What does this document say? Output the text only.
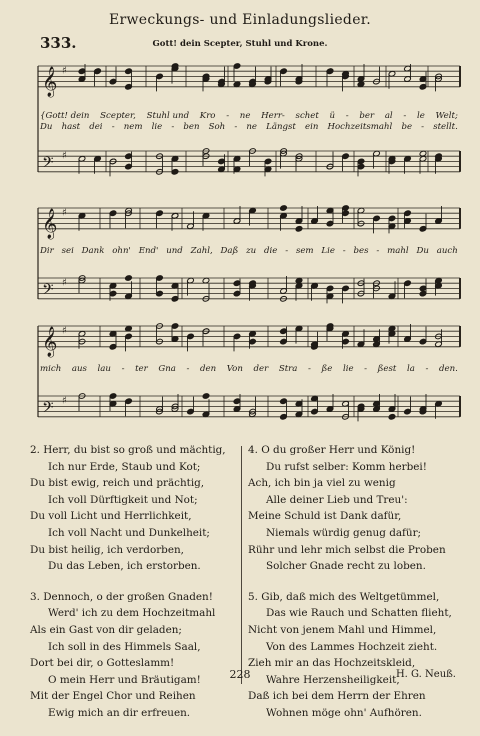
Erweckungs- und Einladungslieder.
333.	Gott! dein Scepter, Stuhl und Krone.
𝄞 ♯
𝄢 ♯
{Gott! dein Scepter, Stuhl und Kro - ne Herr- schet ü - ber al - le Welt;
Du hast dei - nem lie - ben Soh - ne Längst ein Hochzeitsmahl be - stellt.
𝄞 ♯
𝄢 ♯
Dir sei Dank ohn' End' und Zahl, Daß zu die - sem Lie - bes - mahl Du auch
𝄞 ♯
𝄢 ♯
mich aus lau - ter Gna - den Von der Stra - ße lie - ßest la - den.
2. Herr, du bist so groß und mächtig,
Ich nur Erde, Staub und Kot;
Du bist ewig, reich und prächtig,
Ich voll Dürftigkeit und Not;
Du voll Licht und Herrlichkeit,
Ich voll Nacht und Dunkelheit;
Du bist heilig, ich verdorben,
Du das Leben, ich erstorben.
3. Dennoch, o der großen Gnaden!
Werd' ich zu dem Hochzeitmahl
Als ein Gast von dir geladen;
Ich soll in des Himmels Saal,
Dort bei dir, o Gotteslamm!
O mein Herr und Bräutigam!
Mit der Engel Chor und Reihen
Ewig mich an dir erfreuen.
4. O du großer Herr und König!
Du rufst selber: Komm herbei!
Ach, ich bin ja viel zu wenig
Alle deiner Lieb und Treu':
Meine Schuld ist Dank dafür,
Niemals würdig genug dafür;
Rühr und lehr mich selbst die Proben
Solcher Gnade recht zu loben.
5. Gib, daß mich des Weltgetümmel,
Das wie Rauch und Schatten flieht,
Nicht von jenem Mahl und Himmel,
Von des Lammes Hochzeit zieht.
Zieh mir an das Hochzeitskleid,
Wahre Herzensheiligkeit,
Daß ich bei dem Herrn der Ehren
Wohnen möge ohn' Aufhören.
228	H. G. Neuß.
